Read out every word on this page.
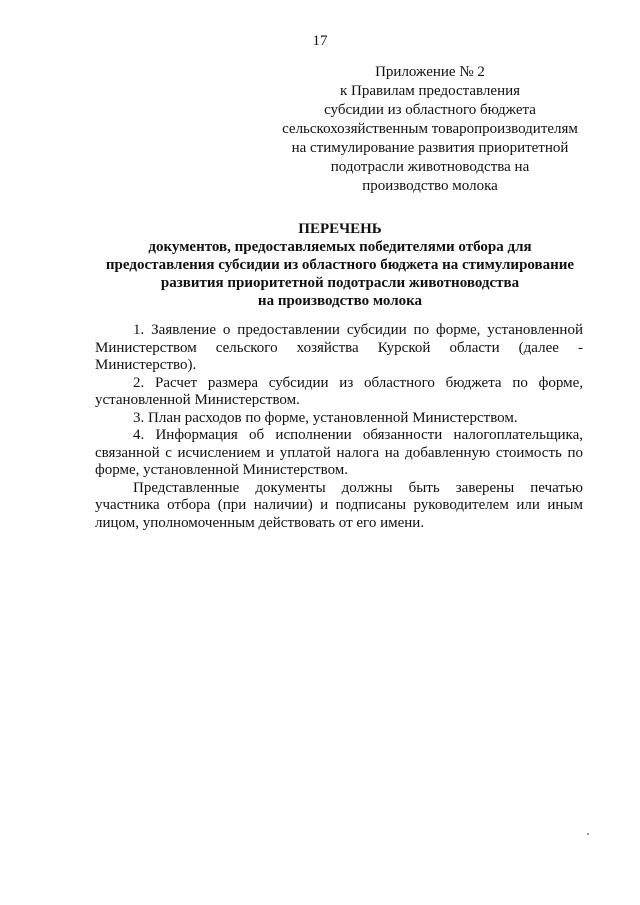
17
Приложение № 2
к Правилам предоставления
субсидии из областного бюджета
сельскохозяйственным товаропроизводителям
на стимулирование развития приоритетной
подотрасли животноводства на
производство молока
ПЕРЕЧЕНЬ
документов, предоставляемых победителями отбора для
предоставления субсидии из областного бюджета на стимулирование
развития приоритетной подотрасли животноводства
на производство молока

1. Заявление о предоставлении субсидии по форме, установленной Министерством сельского хозяйства Курской области (далее - Министерство).

2. Расчет размера субсидии из областного бюджета по форме, установленной Министерством.

3. План расходов по форме, установленной Министерством.

4. Информация об исполнении обязанности налогоплательщика, связанной с исчислением и уплатой налога на добавленную стоимость по форме, установленной Министерством.

Представленные документы должны быть заверены печатью участника отбора (при наличии) и подписаны руководителем или иным лицом, уполномоченным действовать от его имени.
